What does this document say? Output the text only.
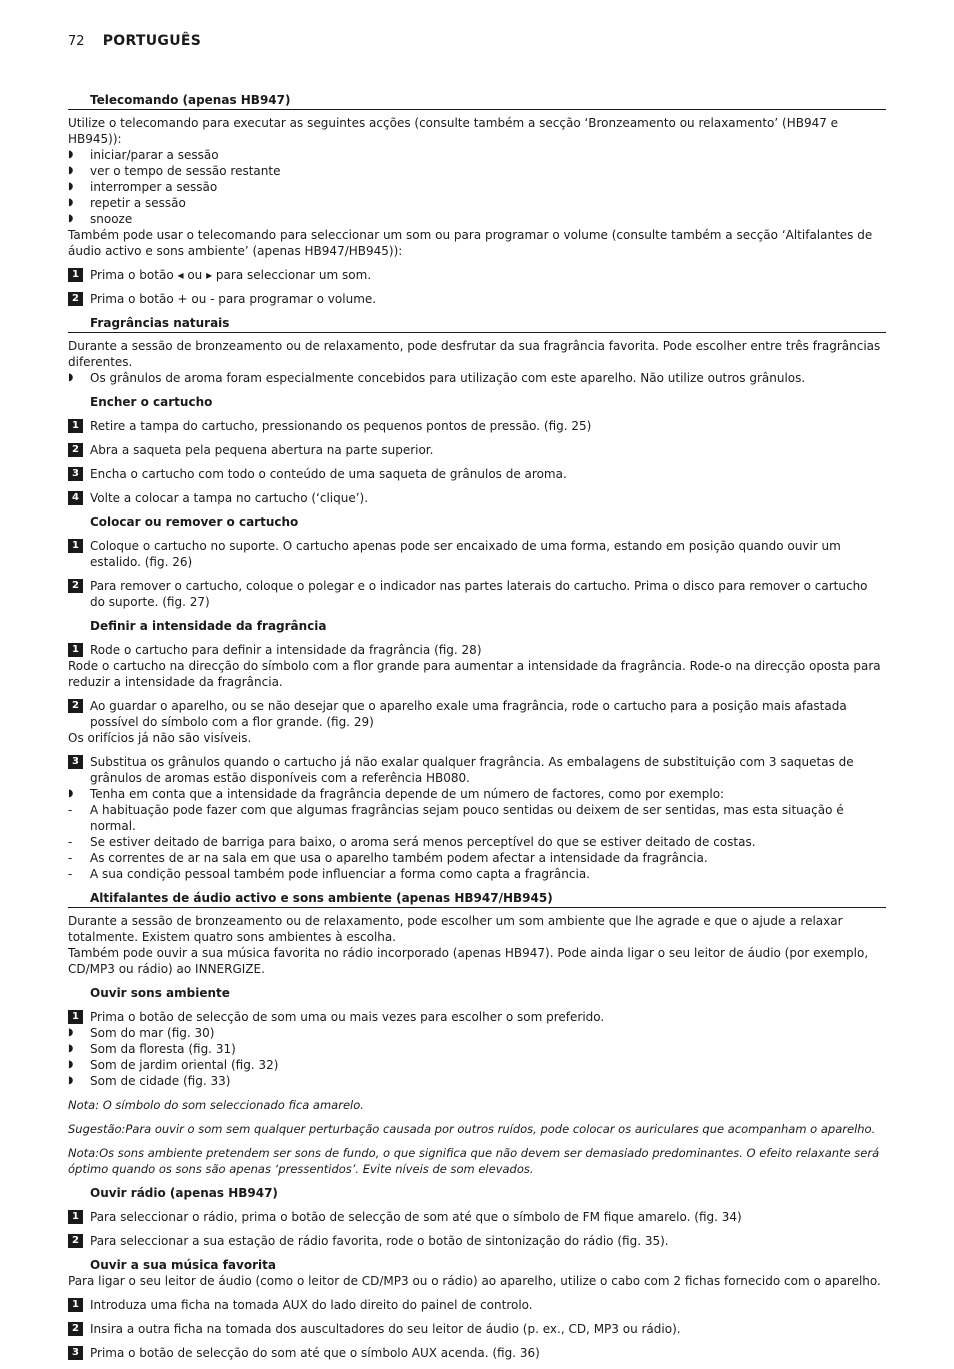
72 PORTUGUÊS
Telecomando (apenas HB947)
Utilize o telecomando para executar as seguintes acções (consulte também a secção ‘Bronzeamento ou relaxamento’ (HB947 e HB945)):
◗ iniciar/parar a sessão
◗ ver o tempo de sessão restante
◗ interromper a sessão
◗ repetir a sessão
◗ snooze
Também pode usar o telecomando para seleccionar um som ou para programar o volume (consulte também a secção ‘Altifalantes de áudio activo e sons ambiente’ (apenas HB947/HB945)):
1 Prima o botão ◂ ou ▸ para seleccionar um som.
2 Prima o botão + ou - para programar o volume.
Fragrâncias naturais
Durante a sessão de bronzeamento ou de relaxamento, pode desfrutar da sua fragrância favorita. Pode escolher entre três fragrâncias diferentes.
◗ Os grânulos de aroma foram especialmente concebidos para utilização com este aparelho. Não utilize outros grânulos.
Encher o cartucho
1 Retire a tampa do cartucho, pressionando os pequenos pontos de pressão. (fig. 25)
2 Abra a saqueta pela pequena abertura na parte superior.
3 Encha o cartucho com todo o conteúdo de uma saqueta de grânulos de aroma.
4 Volte a colocar a tampa no cartucho (‘clique’).
Colocar ou remover o cartucho
1 Coloque o cartucho no suporte. O cartucho apenas pode ser encaixado de uma forma, estando em posição quando ouvir um estalido. (fig. 26)
2 Para remover o cartucho, coloque o polegar e o indicador nas partes laterais do cartucho. Prima o disco para remover o cartucho do suporte. (fig. 27)
Definir a intensidade da fragrância
1 Rode o cartucho para definir a intensidade da fragrância (fig. 28)
Rode o cartucho na direcção do símbolo com a flor grande para aumentar a intensidade da fragrância. Rode-o na direcção oposta para reduzir a intensidade da fragrância.
2 Ao guardar o aparelho, ou se não desejar que o aparelho exale uma fragrância, rode o cartucho para a posição mais afastada possível do símbolo com a flor grande. (fig. 29)
Os orifícios já não são visíveis.
3 Substitua os grânulos quando o cartucho já não exalar qualquer fragrância. As embalagens de substituição com 3 saquetas de grânulos de aromas estão disponíveis com a referência HB080.
◗ Tenha em conta que a intensidade da fragrância depende de um número de factores, como por exemplo:
- A habituação pode fazer com que algumas fragrâncias sejam pouco sentidas ou deixem de ser sentidas, mas esta situação é normal.
- Se estiver deitado de barriga para baixo, o aroma será menos perceptível do que se estiver deitado de costas.
- As correntes de ar na sala em que usa o aparelho também podem afectar a intensidade da fragrância.
- A sua condição pessoal também pode influenciar a forma como capta a fragrância.
Altifalantes de áudio activo e sons ambiente (apenas HB947/HB945)
Durante a sessão de bronzeamento ou de relaxamento, pode escolher um som ambiente que lhe agrade e que o ajude a relaxar totalmente. Existem quatro sons ambientes à escolha.
Também pode ouvir a sua música favorita no rádio incorporado (apenas HB947). Pode ainda ligar o seu leitor de áudio (por exemplo, CD/MP3 ou rádio) ao INNERGIZE.
Ouvir sons ambiente
1 Prima o botão de selecção de som uma ou mais vezes para escolher o som preferido.
◗ Som do mar (fig. 30)
◗ Som da floresta (fig. 31)
◗ Som de jardim oriental (fig. 32)
◗ Som de cidade (fig. 33)
Nota: O símbolo do som seleccionado fica amarelo.
Sugestão:Para ouvir o som sem qualquer perturbação causada por outros ruídos, pode colocar os auriculares que acompanham o aparelho.
Nota:Os sons ambiente pretendem ser sons de fundo, o que significa que não devem ser demasiado predominantes. O efeito relaxante será óptimo quando os sons são apenas ‘pressentidos’. Evite níveis de som elevados.
Ouvir rádio (apenas HB947)
1 Para seleccionar o rádio, prima o botão de selecção de som até que o símbolo de FM fique amarelo. (fig. 34)
2 Para seleccionar a sua estação de rádio favorita, rode o botão de sintonização do rádio (fig. 35).
Ouvir a sua música favorita
Para ligar o seu leitor de áudio (como o leitor de CD/MP3 ou o rádio) ao aparelho, utilize o cabo com 2 fichas fornecido com o aparelho.
1 Introduza uma ficha na tomada AUX do lado direito do painel de controlo.
2 Insira a outra ficha na tomada dos auscultadores do seu leitor de áudio (p. ex., CD, MP3 ou rádio).
3 Prima o botão de selecção do som até que o símbolo AUX acenda. (fig. 36)
